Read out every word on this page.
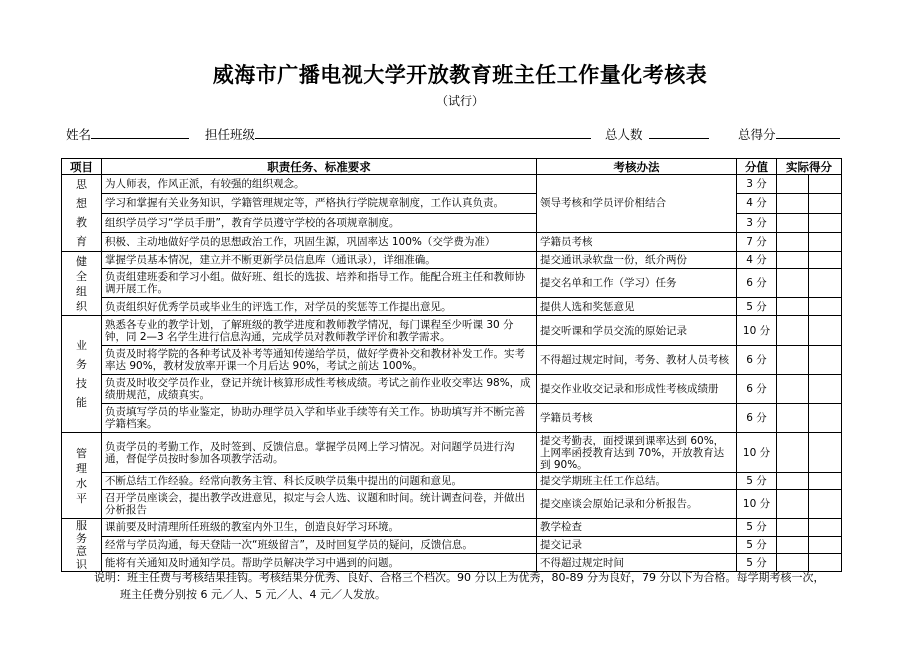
威海市广播电视大学开放教育班主任工作量化考核表
（试行）
姓名	担任班级	总人数	总得分
项目	职责任务、标准要求	考核办法	分值	实际得分	
思想教育	为人师表，作风正派，有较强的组织观念。	领导考核和学员评价相结合	3 分		
	学习和掌握有关业务知识，学籍管理规定等，严格执行学院规章制度，工作认真负责。		4 分		
	组织学员学习“学员手册”，教育学员遵守学校的各项规章制度。		3 分		
	积极、主动地做好学员的思想政治工作，巩固生源，巩固率达 100%（交学费为准）	学籍员考核	7 分		
健全组织	掌握学员基本情况，建立并不断更新学员信息库（通讯录），详细准确。	提交通讯录软盘一份，纸介两份	4 分		
	负责组建班委和学习小组。做好班、组长的选拔、培养和指导工作。能配合班主任和教师协调开展工作。	提交名单和工作（学习）任务	6 分		
	负责组织好优秀学员或毕业生的评选工作，对学员的奖惩等工作提出意见。	提供人选和奖惩意见	5 分		
业务技能	熟悉各专业的教学计划，了解班级的教学进度和教师教学情况，每门课程至少听课 30 分钟，同 2—3 名学生进行信息沟通，完成学员对教师教学评价和教学需求。	提交听课和学员交流的原始记录	10 分		
	负责及时将学院的各种考试及补考等通知传递给学员，做好学费补交和教材补发工作。实考率达 90%，教材发放率开课一个月后达 90%，考试之前达 100%。	不得超过规定时间，考务、教材人员考核	6 分		
	负责及时收交学员作业，登记并统计核算形成性考核成绩。考试之前作业收交率达 98%，成绩册规范，成绩真实。	提交作业收交记录和形成性考核成绩册	6 分		
	负责填写学员的毕业鉴定，协助办理学员入学和毕业手续等有关工作。协助填写并不断完善学籍档案。	学籍员考核	6 分		
管理水平	负责学员的考勤工作，及时签到、反馈信息。掌握学员网上学习情况。对问题学员进行沟通，督促学员按时参加各项教学活动。	提交考勤表，面授课到课率达到 60%，上网率函授教育达到 70%，开放教育达到 90%。	10 分		
	不断总结工作经验。经常向教务主管、科长反映学员集中提出的问题和意见。	提交学期班主任工作总结。	5 分		
	召开学员座谈会，提出教学改进意见，拟定与会人选、议题和时间。统计调查问卷，并做出分析报告	提交座谈会原始记录和分析报告。	10 分		
服务意识	课前要及时清理所任班级的教室内外卫生，创造良好学习环境。	教学检查	5 分		
	经常与学员沟通，每天登陆一次“班级留言”，及时回复学员的疑问，反馈信息。	提交记录	5 分		
	能将有关通知及时通知学员。帮助学员解决学习中遇到的问题。	不得超过规定时间	5 分		
说明：班主任费与考核结果挂钩。考核结果分优秀、良好、合格三个档次。90 分以上为优秀，80-89 分为良好，79 分以下为合格。每学期考核一次，
班主任费分别按 6 元／人、5 元／人、4 元／人发放。
